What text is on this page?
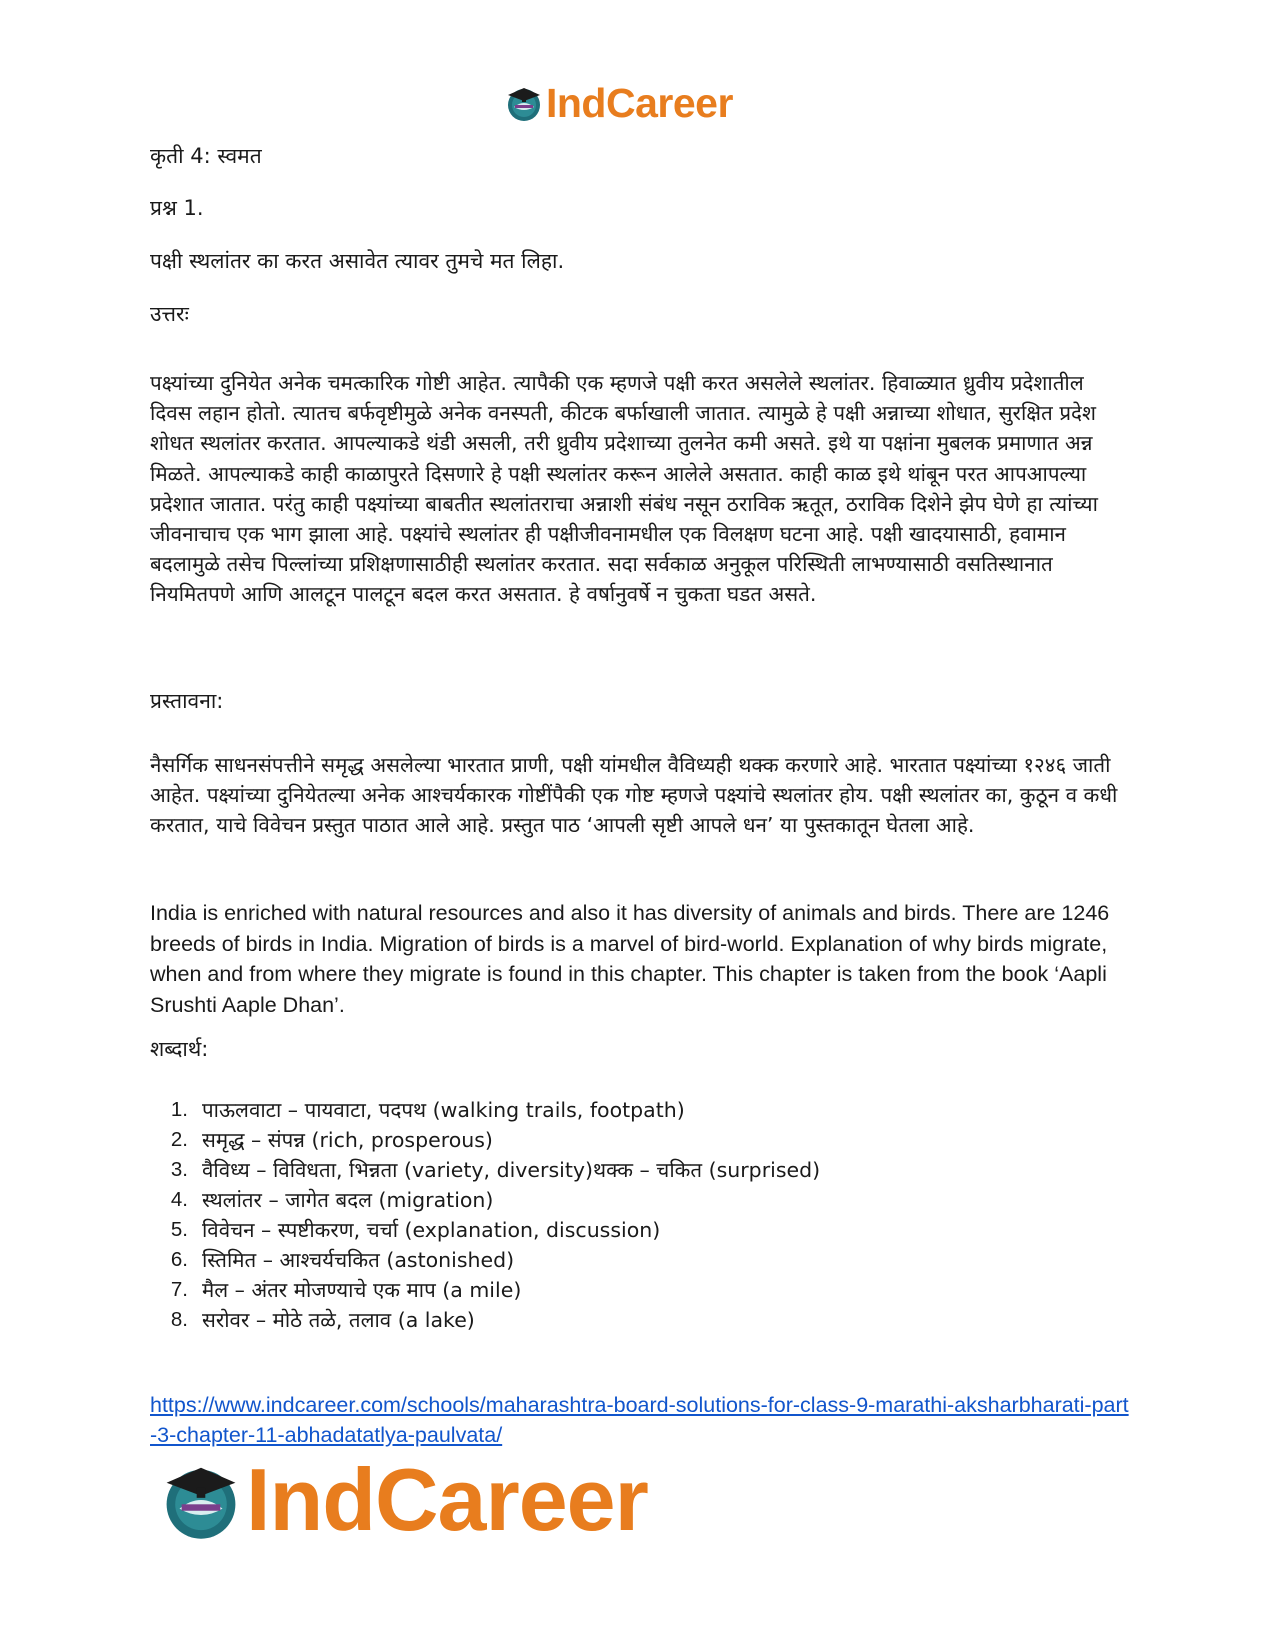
IndCareer

कृती 4: स्वमत

प्रश्न 1.

पक्षी स्थलांतर का करत असावेत त्यावर तुमचे मत लिहा.

उत्तरः

पक्ष्यांच्या दुनियेत अनेक चमत्कारिक गोष्टी आहेत. त्यापैकी एक म्हणजे पक्षी करत असलेले स्थलांतर. हिवाळ्यात ध्रुवीय प्रदेशातील दिवस लहान होतो. त्यातच बर्फवृष्टीमुळे अनेक वनस्पती, कीटक बर्फाखाली जातात. त्यामुळे हे पक्षी अन्नाच्या शोधात, सुरक्षित प्रदेश शोधत स्थलांतर करतात. आपल्याकडे थंडी असली, तरी ध्रुवीय प्रदेशाच्या तुलनेत कमी असते. इथे या पक्षांना मुबलक प्रमाणात अन्न मिळते. आपल्याकडे काही काळापुरते दिसणारे हे पक्षी स्थलांतर करून आलेले असतात. काही काळ इथे थांबून परत आपआपल्या प्रदेशात जातात. परंतु काही पक्ष्यांच्या बाबतीत स्थलांतराचा अन्नाशी संबंध नसून ठराविक ऋतूत, ठराविक दिशेने झेप घेणे हा त्यांच्या जीवनाचाच एक भाग झाला आहे. पक्ष्यांचे स्थलांतर ही पक्षीजीवनामधील एक विलक्षण घटना आहे. पक्षी खादयासाठी, हवामान बदलामुळे तसेच पिल्लांच्या प्रशिक्षणासाठीही स्थलांतर करतात. सदा सर्वकाळ अनुकूल परिस्थिती लाभण्यासाठी वसतिस्थानात नियमितपणे आणि आलटून पालटून बदल करत असतात. हे वर्षानुवर्षे न चुकता घडत असते.

प्रस्तावना:

नैसर्गिक साधनसंपत्तीने समृद्ध असलेल्या भारतात प्राणी, पक्षी यांमधील वैविध्यही थक्क करणारे आहे. भारतात पक्ष्यांच्या १२४६ जाती आहेत. पक्ष्यांच्या दुनियेतल्या अनेक आश्चर्यकारक गोष्टींपैकी एक गोष्ट म्हणजे पक्ष्यांचे स्थलांतर होय. पक्षी स्थलांतर का, कुठून व कधी करतात, याचे विवेचन प्रस्तुत पाठात आले आहे. प्रस्तुत पाठ ‘आपली सृष्टी आपले धन’ या पुस्तकातून घेतला आहे.

India is enriched with natural resources and also it has diversity of animals and birds. There are 1246 breeds of birds in India. Migration of birds is a marvel of bird-world. Explanation of why birds migrate, when and from where they migrate is found in this chapter. This chapter is taken from the book ‘Aapli Srushti Aaple Dhan’.

शब्दार्थ:

1. पाऊलवाटा – पायवाटा, पदपथ (walking trails, footpath)
2. समृद्ध – संपन्न (rich, prosperous)
3. वैविध्य – विविधता, भिन्नता (variety, diversity)थक्क – चकित (surprised)
4. स्थलांतर – जागेत बदल (migration)
5. विवेचन – स्पष्टीकरण, चर्चा (explanation, discussion)
6. स्तिमित – आश्चर्यचकित (astonished)
7. मैल – अंतर मोजण्याचे एक माप (a mile)
8. सरोवर – मोठे तळे, तलाव (a lake)
https://www.indcareer.com/schools/maharashtra-board-solutions-for-class-9-marathi-aksharbharati-part-3-chapter-11-abhadatatlya-paulvata/
IndCareer
